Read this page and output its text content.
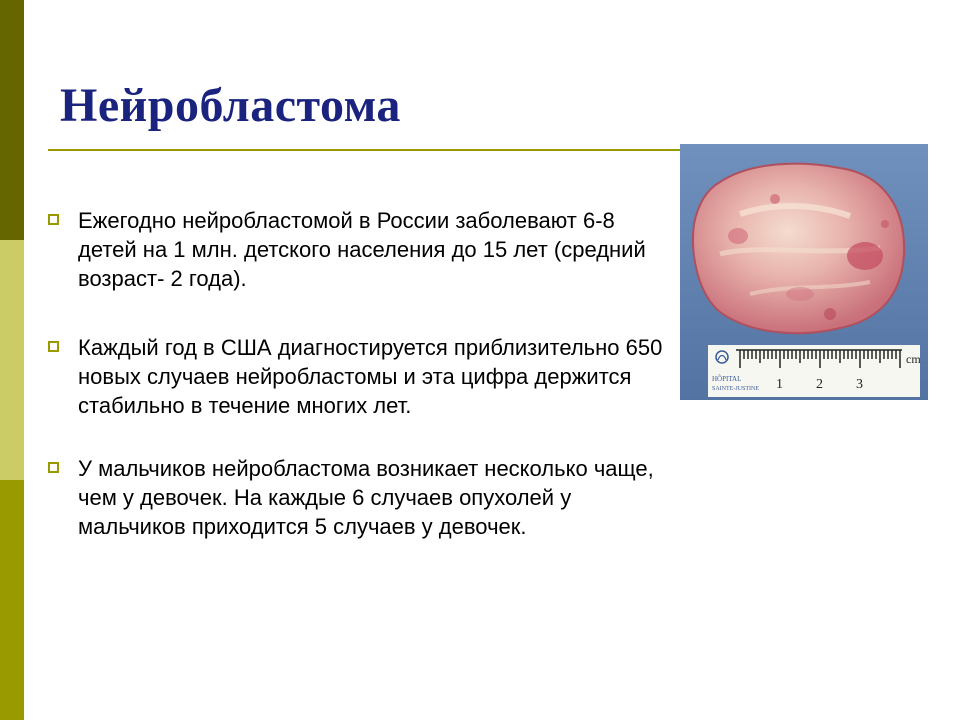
Нейробластома
Ежегодно нейробластомой в России заболевают 6-8 детей на 1 млн. детского населения до 15 лет (средний возраст- 2 года).
Каждый год в США диагностируется приблизительно 650 новых случаев нейробластомы и эта цифра держится стабильно в течение многих лет.
У мальчиков нейробластома возникает несколько чаще, чем у девочек. На каждые 6 случаев опухолей у мальчиков приходится 5 случаев у девочек.
cm
1 2 3
HÔPITAL
SAINTE-JUSTINE
